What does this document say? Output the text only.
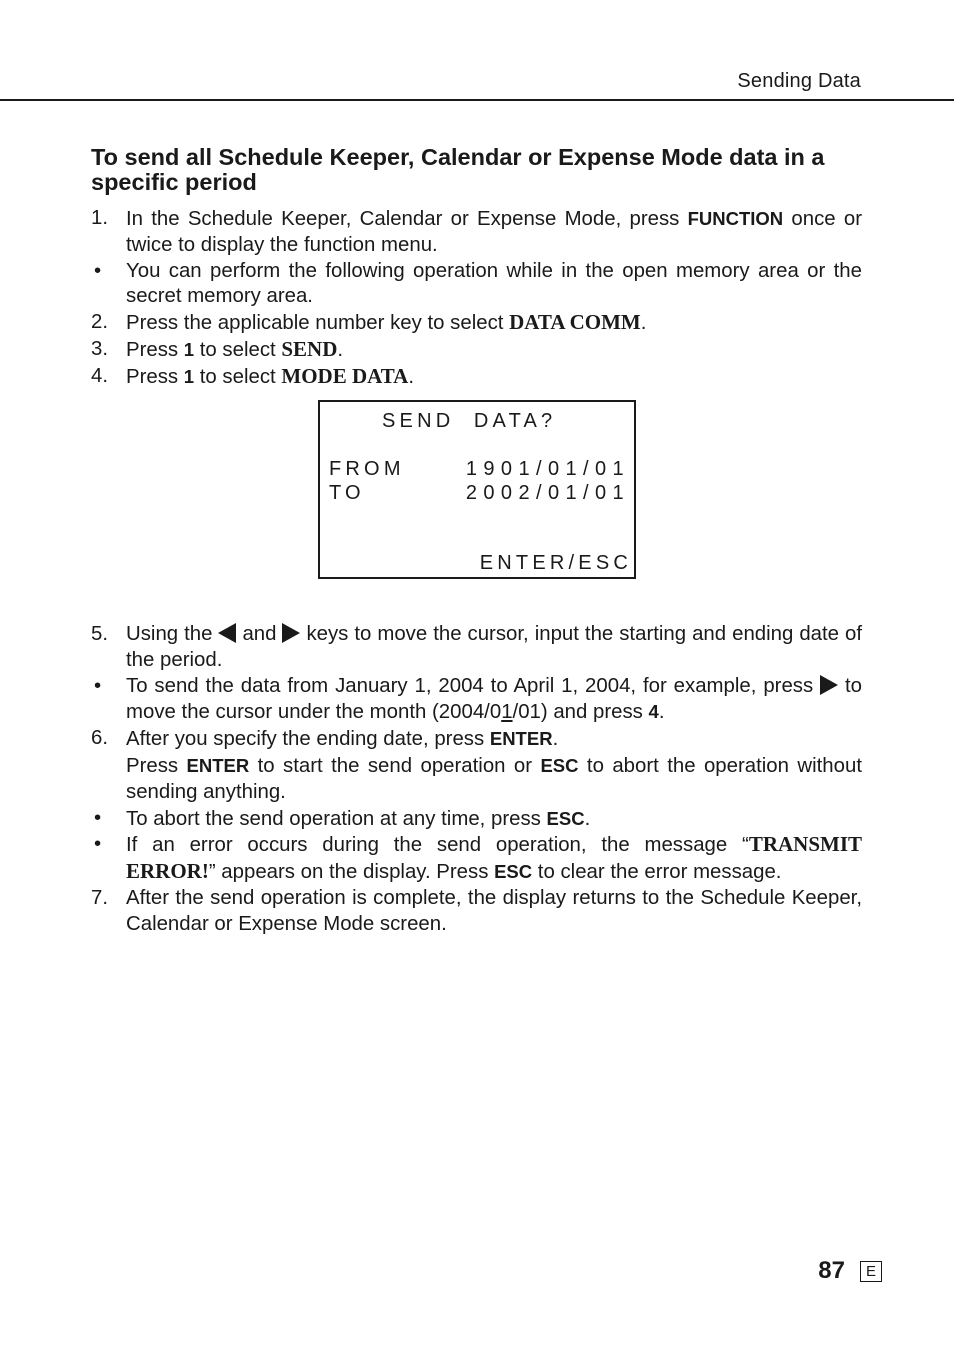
Sending Data
To send all Schedule Keeper, Calendar or Expense Mode data in a specific period
1. In the Schedule Keeper, Calendar or Expense Mode, press FUNCTION once or twice to display the function menu.
• You can perform the following operation while in the open memory area or the secret memory area.
2. Press the applicable number key to select DATA COMM.
3. Press 1 to select SEND.
4. Press 1 to select MODE DATA.
SEND  DATA?
FROM	1901/01/01
TO	2002/01/01
ENTER/ESC
5. Using the  and  keys to move the cursor, input the starting and ending date of the period.
• To send the data from January 1, 2004 to April 1, 2004, for example, press  to move the cursor under the month (2004/01/01) and press 4.
6. After you specify the ending date, press ENTER.
Press ENTER to start the send operation or ESC to abort the operation without sending anything.
• To abort the send operation at any time, press ESC.
• If an error occurs during the send operation, the message “TRANSMIT ERROR!” appears on the display. Press ESC to clear the error message.
7. After the send operation is complete, the display returns to the Schedule Keeper, Calendar or Expense Mode screen.
87	E
